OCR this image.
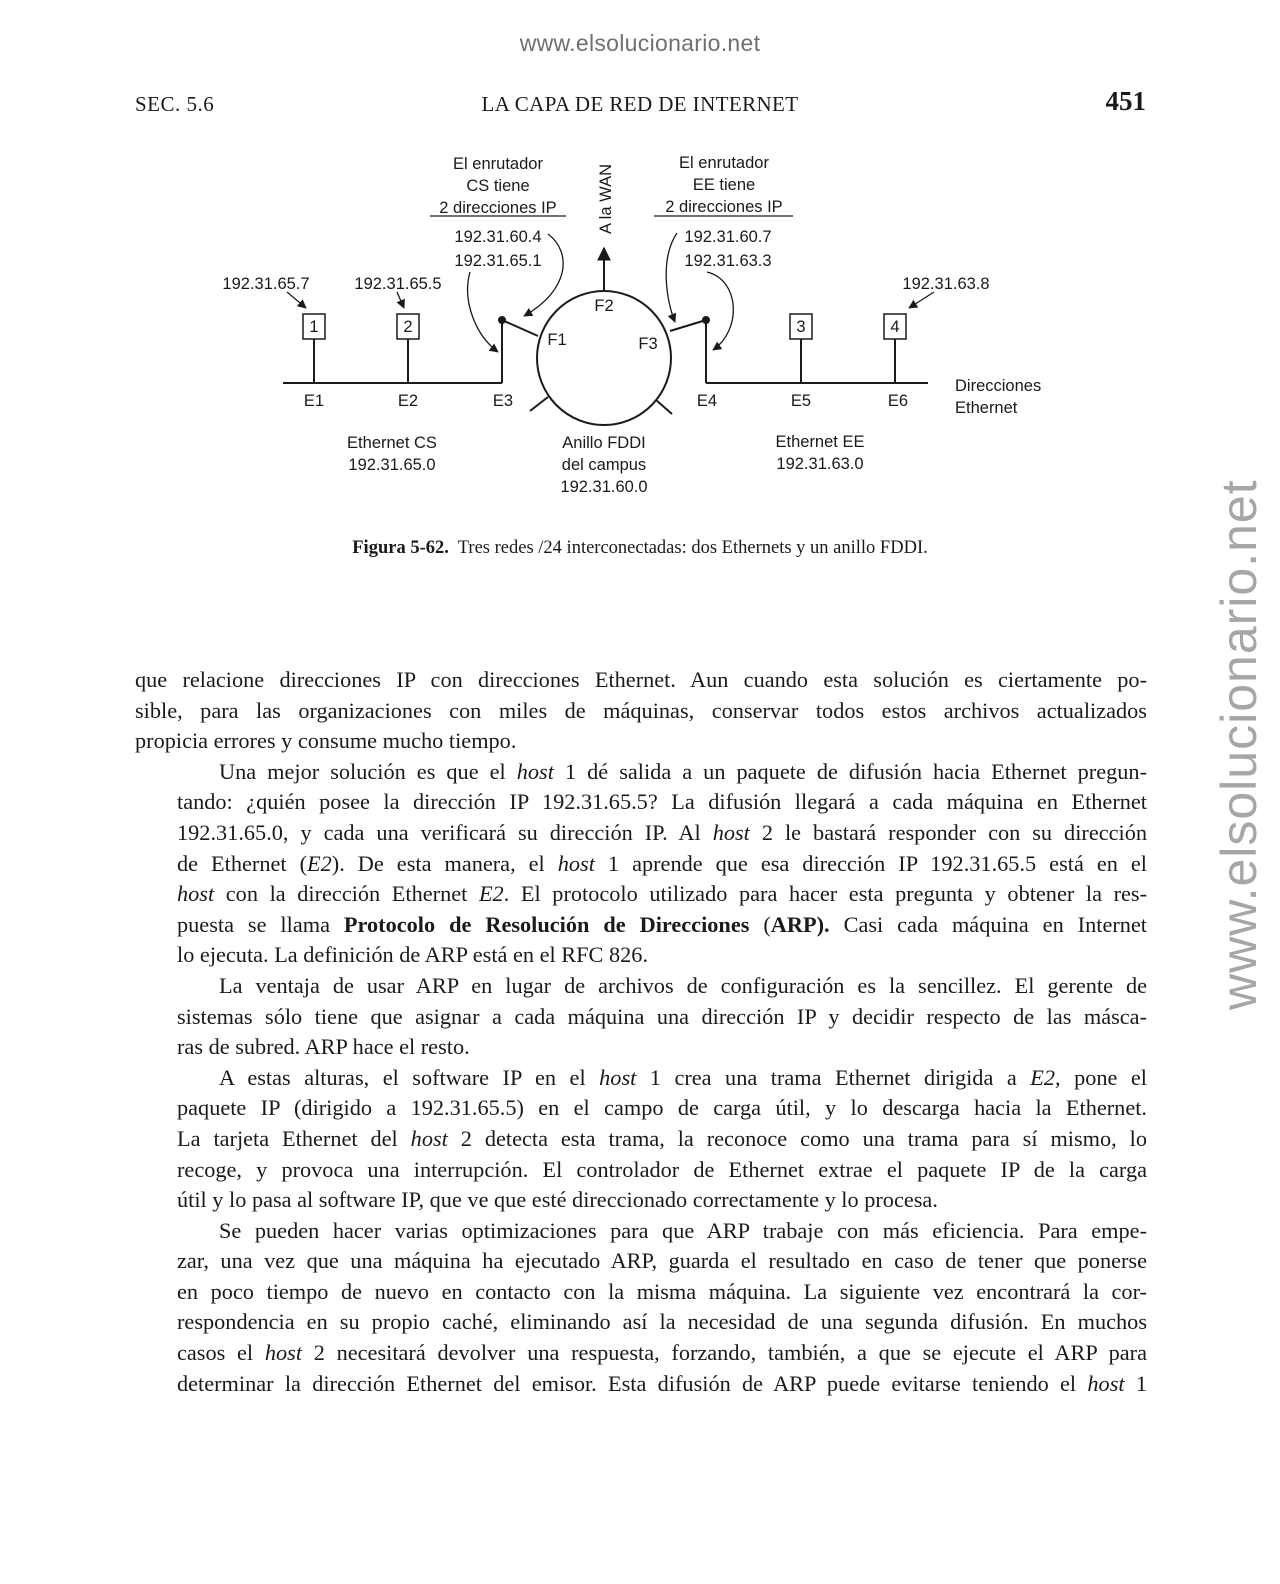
www.elsolucionario.net
www.elsolucionario.net
SEC. 5.6	LA CAPA DE RED DE INTERNET	451
1	2	3	4
192.31.65.7	192.31.65.5	192.31.63.8
E1	E2	E3	E4	E5	E6
F1
F2
F3
A la WAN
El enrutador
CS tiene
2 direcciones IP
192.31.60.4
192.31.65.1
El enrutador
EE tiene
2 direcciones IP
192.31.60.7
192.31.63.3
Direcciones
Ethernet
Ethernet CS
192.31.65.0
Anillo FDDI
del campus
192.31.60.0
Ethernet EE
192.31.63.0
Figura 5-62. Tres redes /24 interconectadas: dos Ethernets y un anillo FDDI.

que relacione direcciones IP con direcciones Ethernet. Aun cuando esta solución es ciertamente po-
sible, para las organizaciones con miles de máquinas, conservar todos estos archivos actualizados
propicia errores y consume mucho tiempo.

Una mejor solución es que el host 1 dé salida a un paquete de difusión hacia Ethernet pregun-
tando: ¿quién posee la dirección IP 192.31.65.5? La difusión llegará a cada máquina en Ethernet
192.31.65.0, y cada una verificará su dirección IP. Al host 2 le bastará responder con su dirección
de Ethernet (E2). De esta manera, el host 1 aprende que esa dirección IP 192.31.65.5 está en el
host con la dirección Ethernet E2. El protocolo utilizado para hacer esta pregunta y obtener la res-
puesta se llama Protocolo de Resolución de Direcciones (ARP). Casi cada máquina en Internet
lo ejecuta. La definición de ARP está en el RFC 826.

La ventaja de usar ARP en lugar de archivos de configuración es la sencillez. El gerente de
sistemas sólo tiene que asignar a cada máquina una dirección IP y decidir respecto de las másca-
ras de subred. ARP hace el resto.

A estas alturas, el software IP en el host 1 crea una trama Ethernet dirigida a E2, pone el
paquete IP (dirigido a 192.31.65.5) en el campo de carga útil, y lo descarga hacia la Ethernet.
La tarjeta Ethernet del host 2 detecta esta trama, la reconoce como una trama para sí mismo, lo
recoge, y provoca una interrupción. El controlador de Ethernet extrae el paquete IP de la carga
útil y lo pasa al software IP, que ve que esté direccionado correctamente y lo procesa.

Se pueden hacer varias optimizaciones para que ARP trabaje con más eficiencia. Para empe-
zar, una vez que una máquina ha ejecutado ARP, guarda el resultado en caso de tener que ponerse
en poco tiempo de nuevo en contacto con la misma máquina. La siguiente vez encontrará la cor-
respondencia en su propio caché, eliminando así la necesidad de una segunda difusión. En muchos
casos el host 2 necesitará devolver una respuesta, forzando, también, a que se ejecute el ARP para
determinar la dirección Ethernet del emisor. Esta difusión de ARP puede evitarse teniendo el host 1
